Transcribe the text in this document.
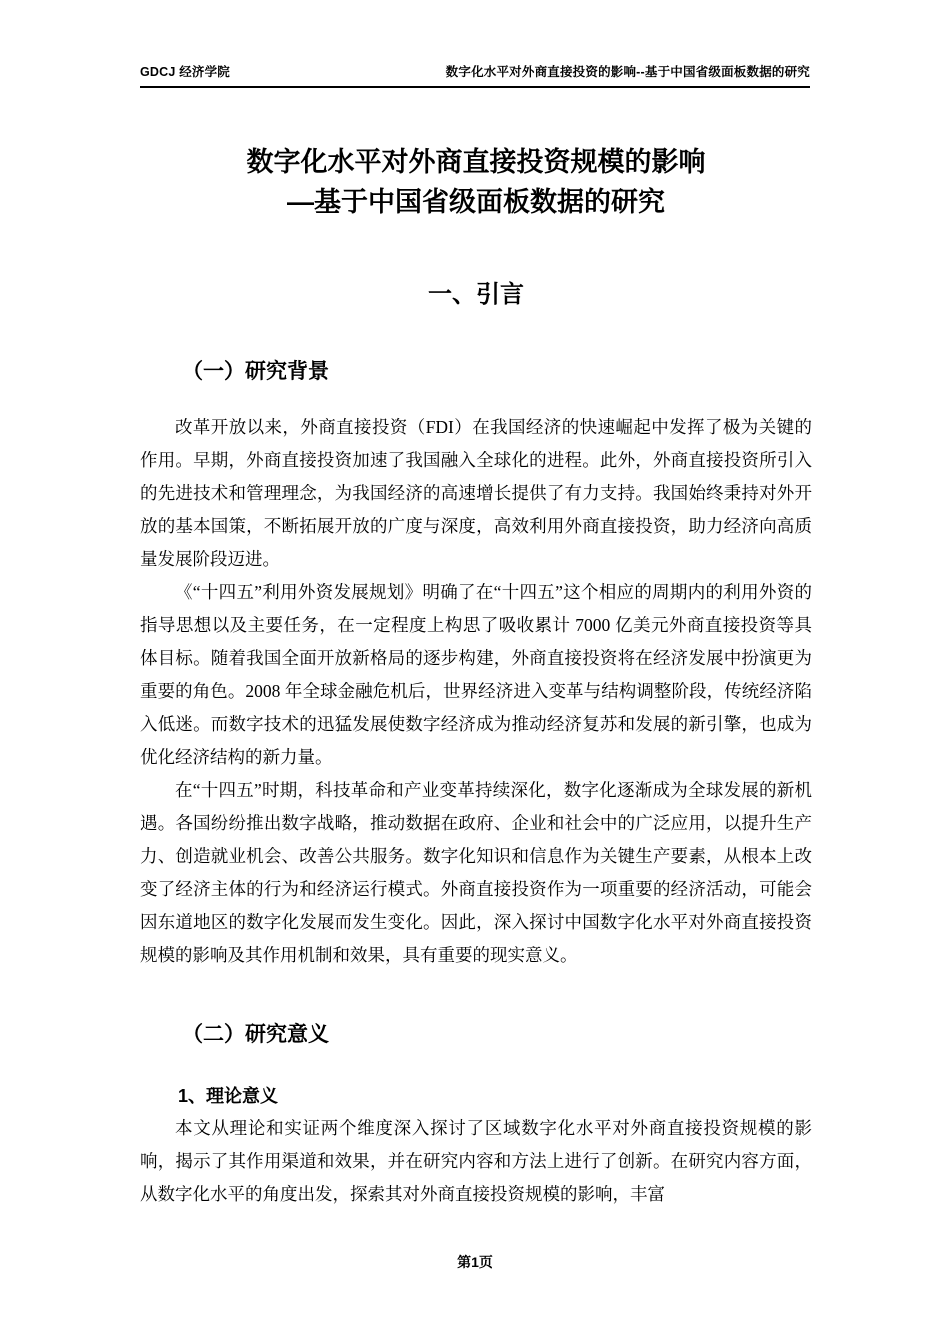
GDCJ 经济学院	数字化水平对外商直接投资的影响--基于中国省级面板数据的研究
数字化水平对外商直接投资规模的影响
—基于中国省级面板数据的研究
一、引言
（一）研究背景

改革开放以来，外商直接投资（FDI）在我国经济的快速崛起中发挥了极为关键的作用。早期，外商直接投资加速了我国融入全球化的进程。此外，外商直接投资所引入的先进技术和管理理念，为我国经济的高速增长提供了有力支持。我国始终秉持对外开放的基本国策，不断拓展开放的广度与深度，高效利用外商直接投资，助力经济向高质量发展阶段迈进。

《“十四五”利用外资发展规划》明确了在“十四五”这个相应的周期内的利用外资的指导思想以及主要任务，在一定程度上构思了吸收累计 7000 亿美元外商直接投资等具体目标。随着我国全面开放新格局的逐步构建，外商直接投资将在经济发展中扮演更为重要的角色。2008 年全球金融危机后，世界经济进入变革与结构调整阶段，传统经济陷入低迷。而数字技术的迅猛发展使数字经济成为推动经济复苏和发展的新引擎，也成为优化经济结构的新力量。

在“十四五”时期，科技革命和产业变革持续深化，数字化逐渐成为全球发展的新机遇。各国纷纷推出数字战略，推动数据在政府、企业和社会中的广泛应用，以提升生产力、创造就业机会、改善公共服务。数字化知识和信息作为关键生产要素，从根本上改变了经济主体的行为和经济运行模式。外商直接投资作为一项重要的经济活动，可能会因东道地区的数字化发展而发生变化。因此，深入探讨中国数字化水平对外商直接投资规模的影响及其作用机制和效果，具有重要的现实意义。

（二）研究意义
1、理论意义

本文从理论和实证两个维度深入探讨了区域数字化水平对外商直接投资规模的影响，揭示了其作用渠道和效果，并在研究内容和方法上进行了创新。在研究内容方面，从数字化水平的角度出发，探索其对外商直接投资规模的影响，丰富

第1页
